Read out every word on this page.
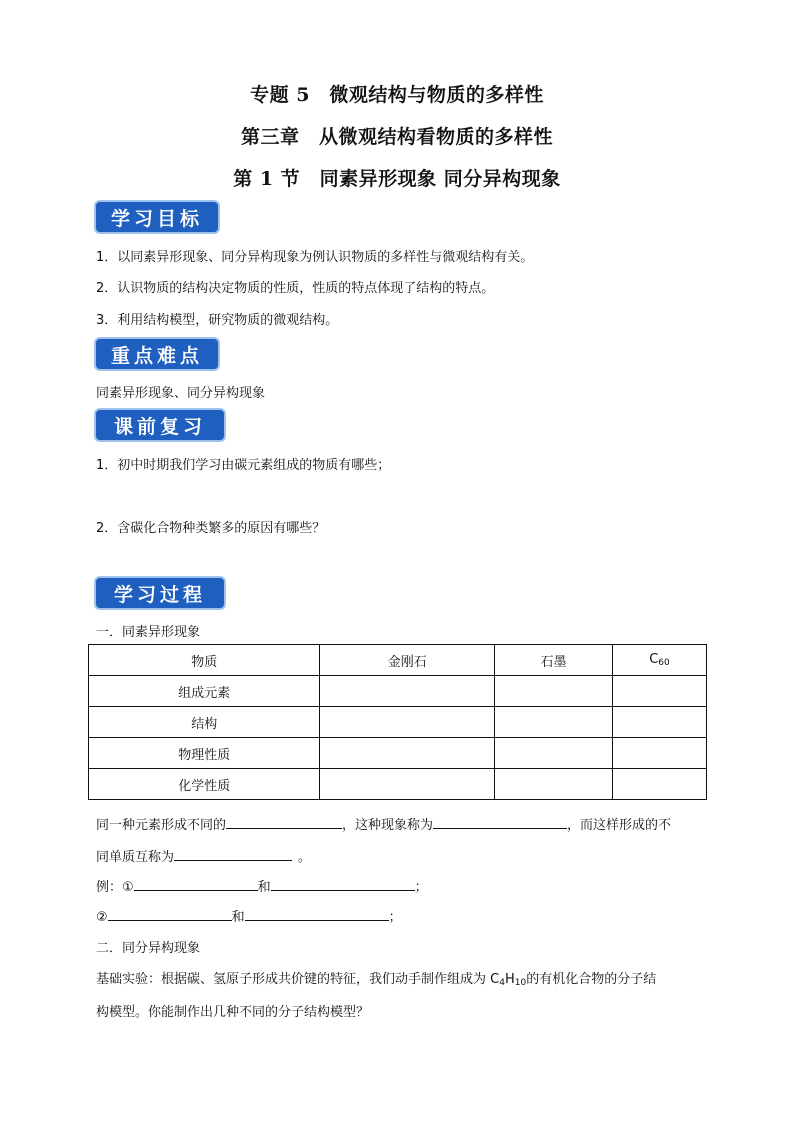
专题 5　微观结构与物质的多样性
第三章　从微观结构看物质的多样性
第 1 节　同素异形现象 同分异构现象
学习目标
1．以同素异形现象、同分异构现象为例认识物质的多样性与微观结构有关。
2．认识物质的结构决定物质的性质，性质的特点体现了结构的特点。
3．利用结构模型，研究物质的微观结构。
重点难点
同素异形现象、同分异构现象
课前复习
1．初中时期我们学习由碳元素组成的物质有哪些；
2．含碳化合物种类繁多的原因有哪些？
学习过程
一．同素异形现象
物质	金刚石	石墨	$C_{60}$
组成元素			
结构			
物理性质			
化学性质			
同一种元素形成不同的	，这种现象称为	，而这样形成的不
同单质互称为	。
例：①	和	；
②	和	；
二．同分异构现象
基础实验：根据碳、氢原子形成共价键的特征，我们动手制作组成为 $C_4H_{10}$的有机化合物的分子结
构模型。你能制作出几种不同的分子结构模型？
